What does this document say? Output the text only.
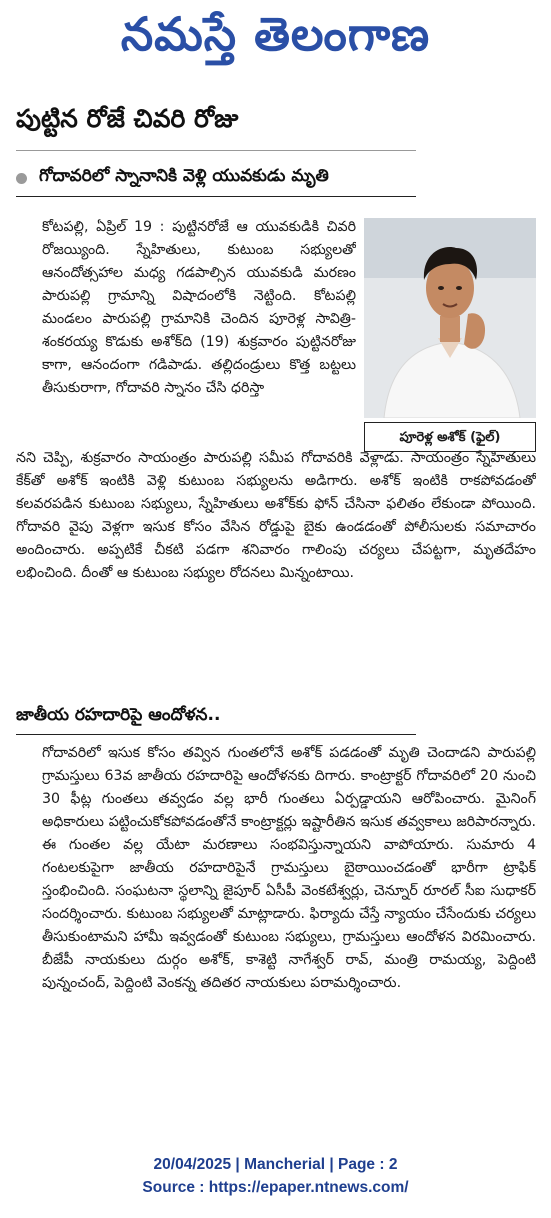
నమస్తే తెలంగాణ
పుట్టిన రోజే చివరి రోజు
గోదావరిలో స్నానానికి వెళ్లి యువకుడు మృతి

కోటపల్లి, ఏప్రిల్ 19 : పుట్టినరోజే ఆ యువకుడికి చివరి రోజయ్యింది. స్నేహితులు, కుటుంబ సభ్యులతో ఆనందోత్సహాల మధ్య గడపాల్సిన యువకుడి మరణం పారుపల్లి గ్రామాన్ని విషాదంలోకి నెట్టింది. కోటపల్లి మండలం పారుపల్లి గ్రామానికి చెందిన పూరెళ్ల సావిత్రి-శంకరయ్య కొడుకు అశోక్‌ది (19) శుక్రవారం పుట్టినరోజు కాగా, ఆనందంగా గడిపాడు. తల్లిదండ్రులు కొత్త బట్టలు తీసుకురాగా, గోదావరి స్నానం చేసి ధరిస్తా

పూరెళ్ల అశోక్ (ఫైల్)

నని చెప్పి, శుక్రవారం సాయంత్రం పారుపల్లి సమీప గోదావరికి వెళ్లాడు. సాయంత్రం స్నేహితులు కేక్‌తో అశోక్ ఇంటికి వెళ్లి కుటుంబ సభ్యులను అడిగారు. అశోక్ ఇంటికి రాకపోవడంతో కలవరపడిన కుటుంబ సభ్యులు, స్నేహితులు అశోక్‌కు ఫోన్ చేసినా ఫలితం లేకుండా పోయింది. గోదావరి వైపు వెళ్లగా ఇసుక కోసం వేసిన రోడ్డుపై బైకు ఉండడంతో పోలీసులకు సమాచారం అందించారు. అప్పటికే చీకటి పడగా శనివారం గాలింపు చర్యలు చేపట్టగా, మృతదేహం లభించింది. దీంతో ఆ కుటుంబ సభ్యుల రోదనలు మిన్నంటాయి.

జాతీయ రహదారిపై ఆందోళన..

గోదావరిలో ఇసుక కోసం తవ్విన గుంతలోనే అశోక్ పడడంతో మృతి చెందాడని పారుపల్లి గ్రామస్తులు 63వ జాతీయ రహదారిపై ఆందోళనకు దిగారు. కాంట్రాక్టర్ గోదావరిలో 20 నుంచి 30 ఫీట్ల గుంతలు తవ్వడం వల్ల భారీ గుంతలు ఏర్పడ్డాయని ఆరోపించారు. మైనింగ్ అధికారులు పట్టించుకోకపోవడంతోనే కాంట్రాక్టర్లు ఇష్టారీతిన ఇసుక తవ్వకాలు జరిపారన్నారు. ఈ గుంతల వల్ల యేటా మరణాలు సంభవిస్తున్నాయని వాపోయారు. సుమారు 4 గంటలకుపైగా జాతీయ రహదారిపైనే గ్రామస్తులు బైఠాయించడంతో భారీగా ట్రాఫిక్ స్తంభించింది. సంఘటనా స్థలాన్ని జైపూర్ ఏసీపీ వెంకటేశ్వర్లు, చెన్నూర్ రూరల్ సీఐ సుధాకర్ సందర్శించారు. కుటుంబ సభ్యులతో మాట్లాడారు. ఫిర్యాదు చేస్తే న్యాయం చేసేందుకు చర్యలు తీసుకుంటామని హామీ ఇవ్వడంతో కుటుంబ సభ్యులు, గ్రామస్తులు ఆందోళన విరమించారు. బీజేపీ నాయకులు దుర్గం అశోక్, కాశెట్టి నాగేశ్వర్ రావ్, మంత్రి రామయ్య, పెద్దింటి పున్నంచంద్, పెద్దింటి వెంకన్న తదితర నాయకులు పరామర్శించారు.

20/04/2025 | Mancherial | Page : 2
Source : https://epaper.ntnews.com/
